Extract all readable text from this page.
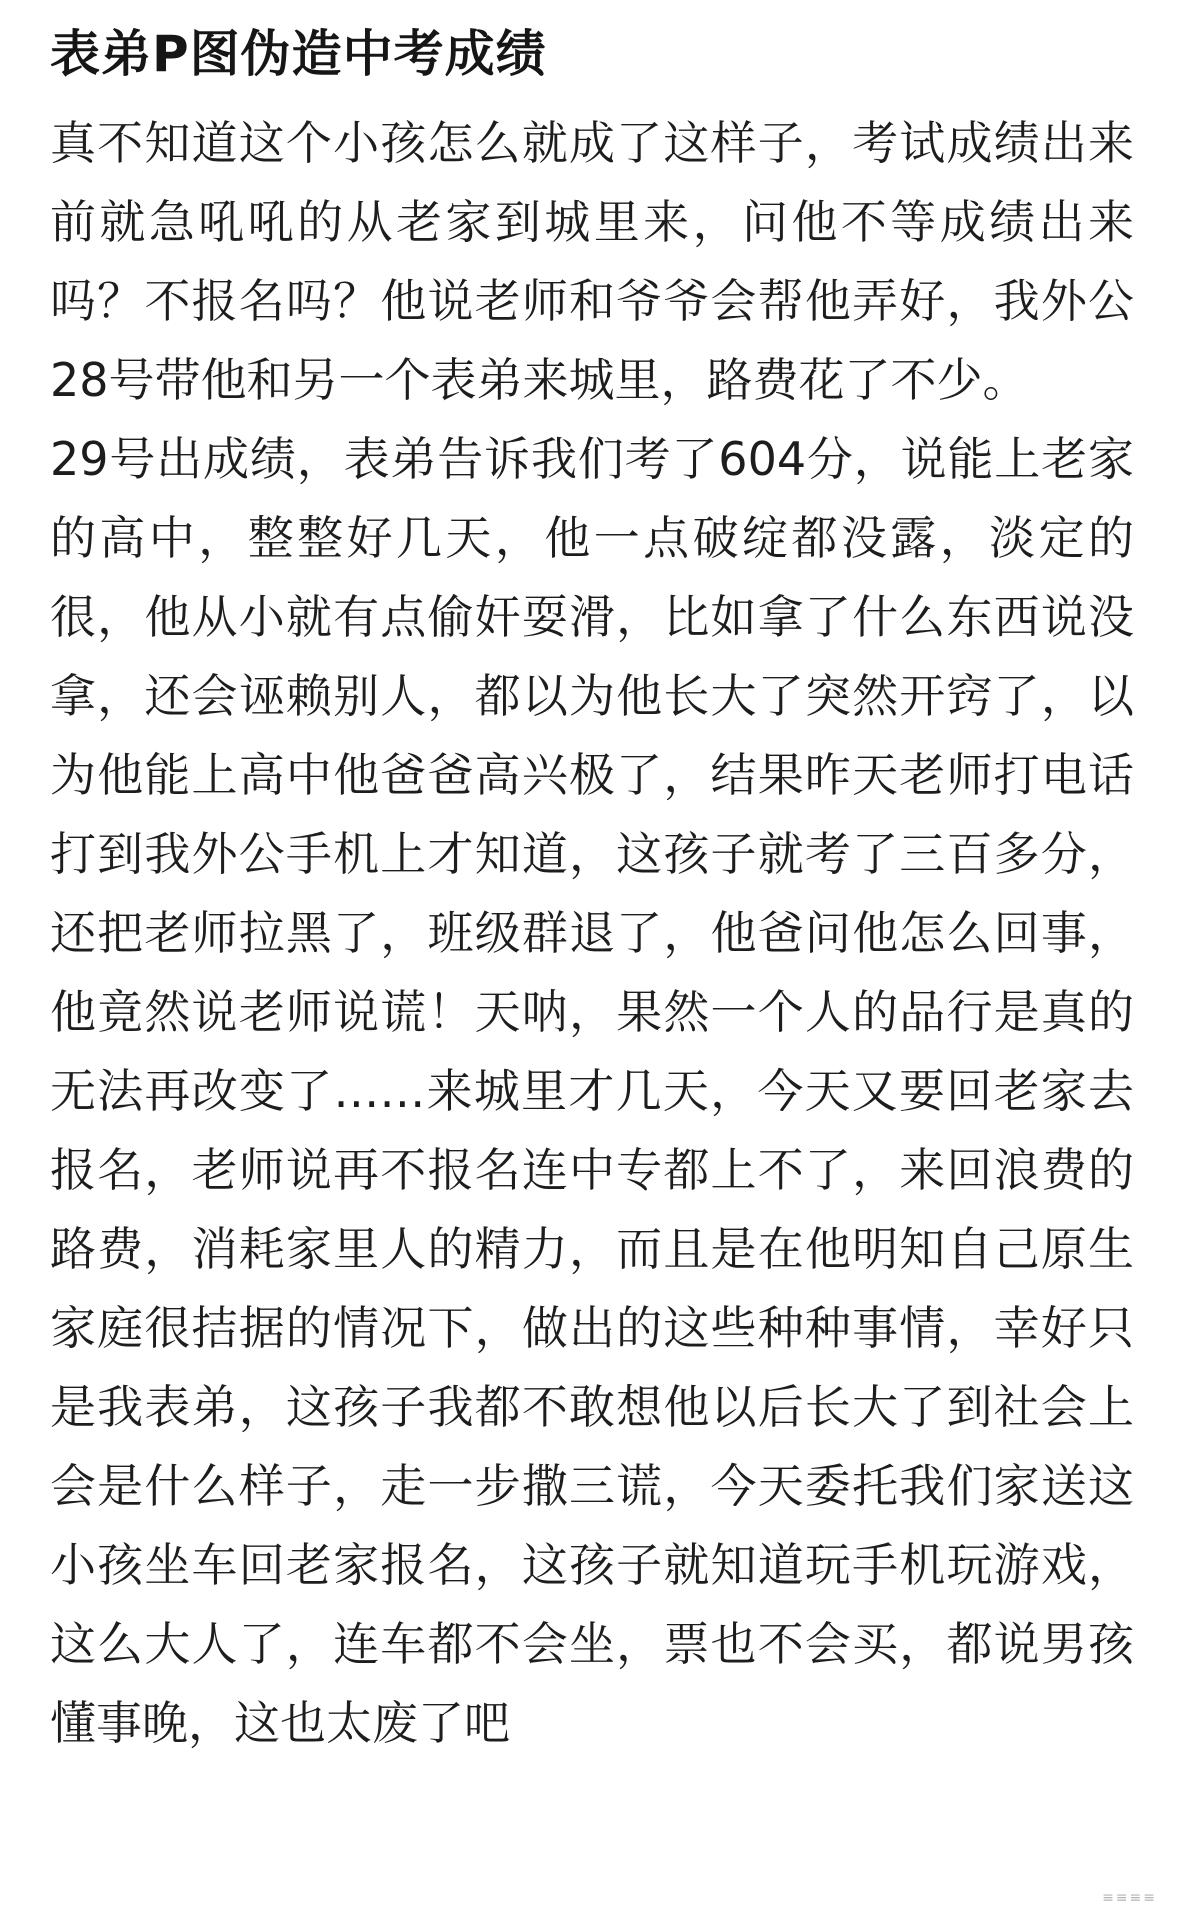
表弟P图伪造中考成绩

真不知道这个小孩怎么就成了这样子，考试成绩出来前就急吼吼的从老家到城里来，问他不等成绩出来吗？不报名吗？他说老师和爷爷会帮他弄好，我外公28号带他和另一个表弟来城里，路费花了不少。

29号出成绩，表弟告诉我们考了604分，说能上老家的高中，整整好几天，他一点破绽都没露，淡定的很，他从小就有点偷奸耍滑，比如拿了什么东西说没拿，还会诬赖别人，都以为他长大了突然开窍了，以为他能上高中他爸爸高兴极了，结果昨天老师打电话打到我外公手机上才知道，这孩子就考了三百多分，还把老师拉黑了，班级群退了，他爸问他怎么回事，他竟然说老师说谎！天呐，果然一个人的品行是真的无法再改变了……来城里才几天，今天又要回老家去报名，老师说再不报名连中专都上不了，来回浪费的路费，消耗家里人的精力，而且是在他明知自己原生家庭很拮据的情况下，做出的这些种种事情，幸好只是我表弟，这孩子我都不敢想他以后长大了到社会上会是什么样子，走一步撒三谎，今天委托我们家送这小孩坐车回老家报名，这孩子就知道玩手机玩游戏，这么大人了，连车都不会坐，票也不会买，都说男孩懂事晚，这也太废了吧

≡≡≡≡
